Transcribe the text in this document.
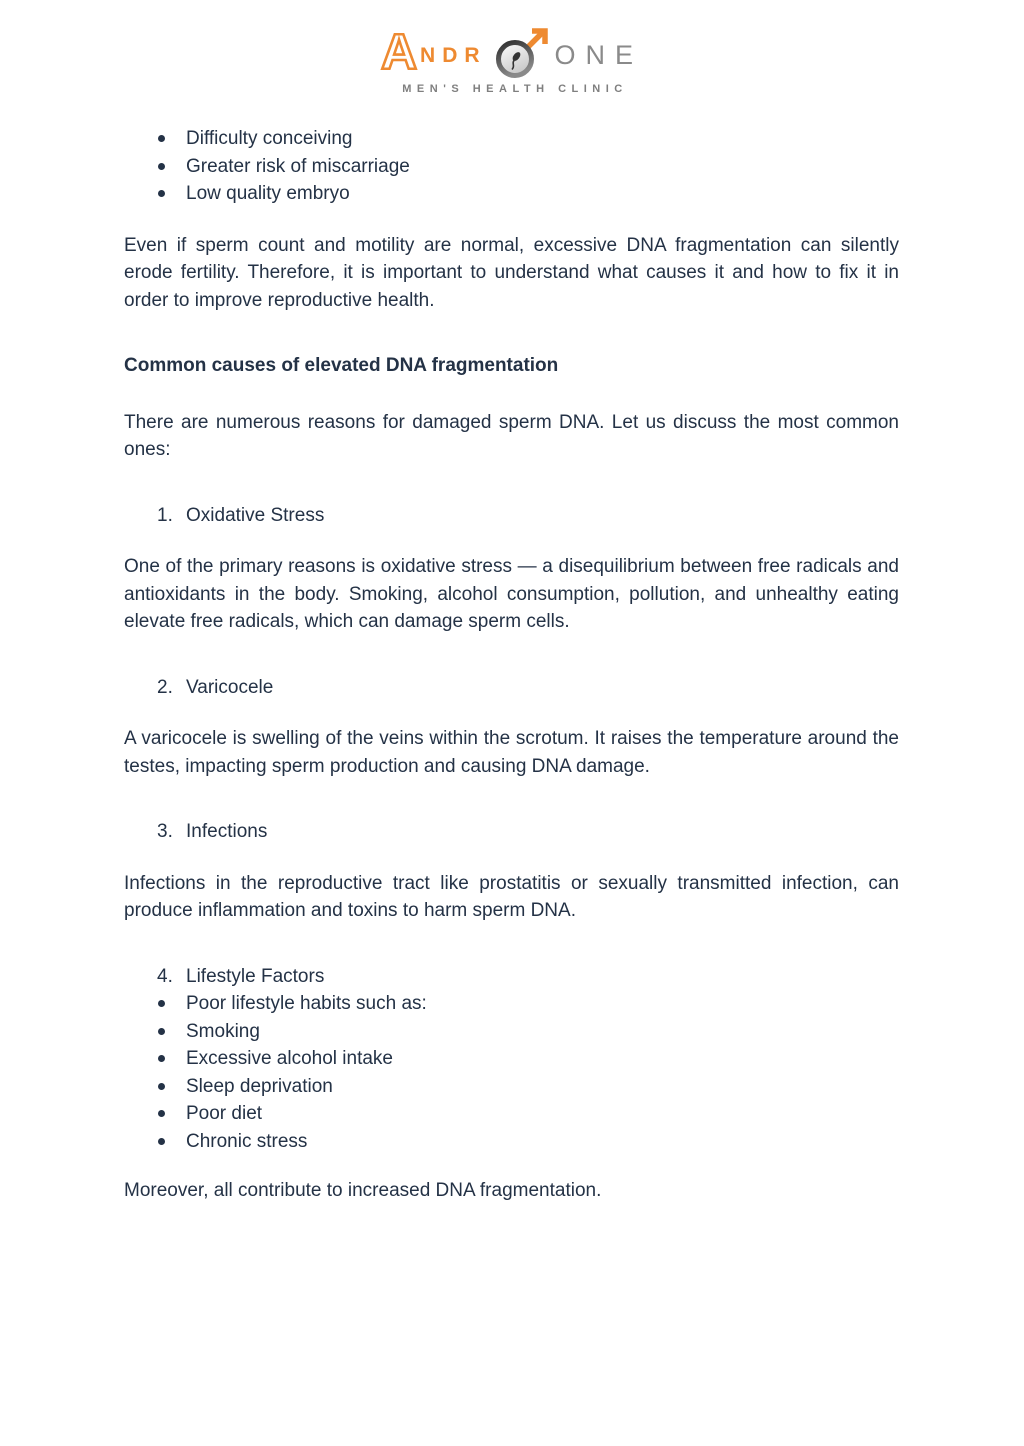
A NDR	ONE
MEN'S HEALTH CLINIC
Difficulty conceiving
Greater risk of miscarriage
Low quality embryo

Even if sperm count and motility are normal, excessive DNA fragmentation can silently erode fertility. Therefore, it is important to understand what causes it and how to fix it in order to improve reproductive health.

Common causes of elevated DNA fragmentation

There are numerous reasons for damaged sperm DNA. Let us discuss the most common ones:

1. Oxidative Stress

One of the primary reasons is oxidative stress — a disequilibrium between free radicals and antioxidants in the body. Smoking, alcohol consumption, pollution, and unhealthy eating elevate free radicals, which can damage sperm cells.

2. Varicocele

A varicocele is swelling of the veins within the scrotum. It raises the temperature around the testes, impacting sperm production and causing DNA damage.

3. Infections

Infections in the reproductive tract like prostatitis or sexually transmitted infection, can produce inflammation and toxins to harm sperm DNA.

4. Lifestyle Factors
Poor lifestyle habits such as:
Smoking
Excessive alcohol intake
Sleep deprivation
Poor diet
Chronic stress

Moreover, all contribute to increased DNA fragmentation.
